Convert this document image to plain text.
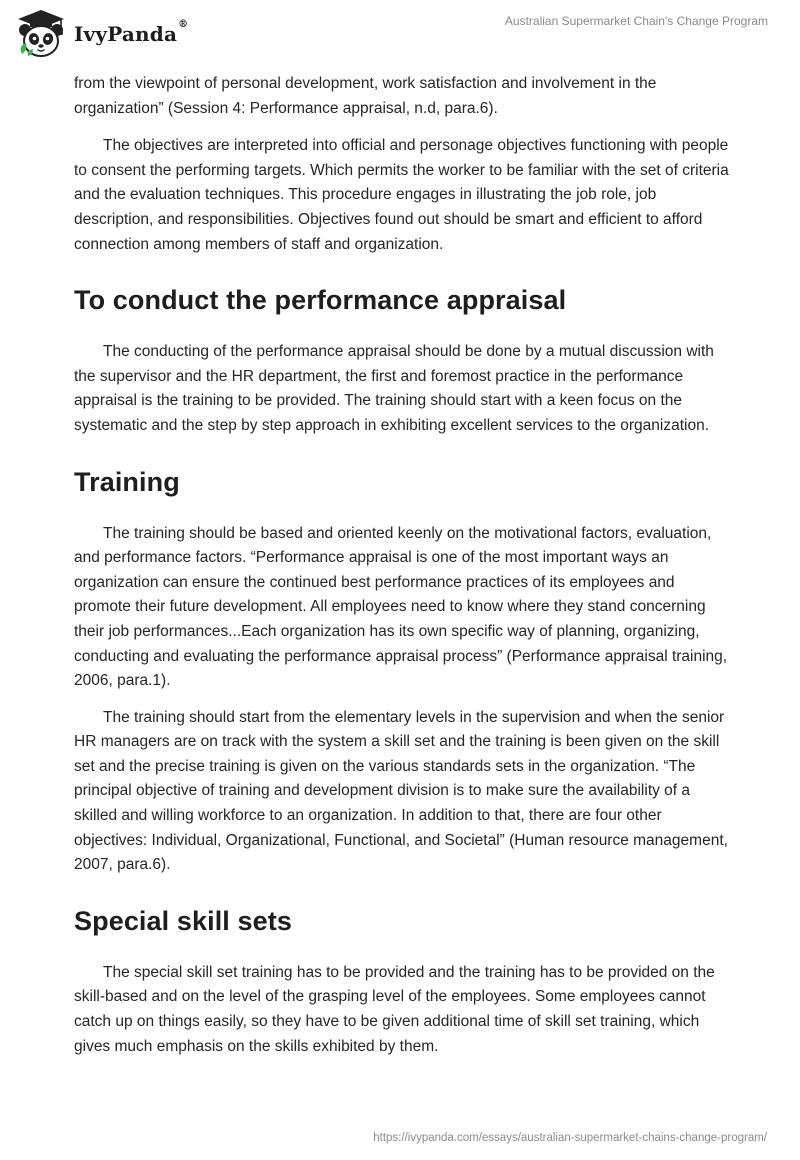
IvyPanda®	Australian Supermarket Chain's Change Program

from the viewpoint of personal development, work satisfaction and involvement in the organization” (Session 4: Performance appraisal, n.d, para.6).

The objectives are interpreted into official and personage objectives functioning with people to consent the performing targets. Which permits the worker to be familiar with the set of criteria and the evaluation techniques. This procedure engages in illustrating the job role, job description, and responsibilities. Objectives found out should be smart and efficient to afford connection among members of staff and organization.

To conduct the performance appraisal

The conducting of the performance appraisal should be done by a mutual discussion with the supervisor and the HR department, the first and foremost practice in the performance appraisal is the training to be provided. The training should start with a keen focus on the systematic and the step by step approach in exhibiting excellent services to the organization.

Training

The training should be based and oriented keenly on the motivational factors, evaluation, and performance factors. “Performance appraisal is one of the most important ways an organization can ensure the continued best performance practices of its employees and promote their future development. All employees need to know where they stand concerning their job performances...Each organization has its own specific way of planning, organizing, conducting and evaluating the performance appraisal process” (Performance appraisal training, 2006, para.1).

The training should start from the elementary levels in the supervision and when the senior HR managers are on track with the system a skill set and the training is been given on the skill set and the precise training is given on the various standards sets in the organization. “The principal objective of training and development division is to make sure the availability of a skilled and willing workforce to an organization. In addition to that, there are four other objectives: Individual, Organizational, Functional, and Societal” (Human resource management, 2007, para.6).

Special skill sets

The special skill set training has to be provided and the training has to be provided on the skill-based and on the level of the grasping level of the employees. Some employees cannot catch up on things easily, so they have to be given additional time of skill set training, which gives much emphasis on the skills exhibited by them.

https://ivypanda.com/essays/australian-supermarket-chains-change-program/
